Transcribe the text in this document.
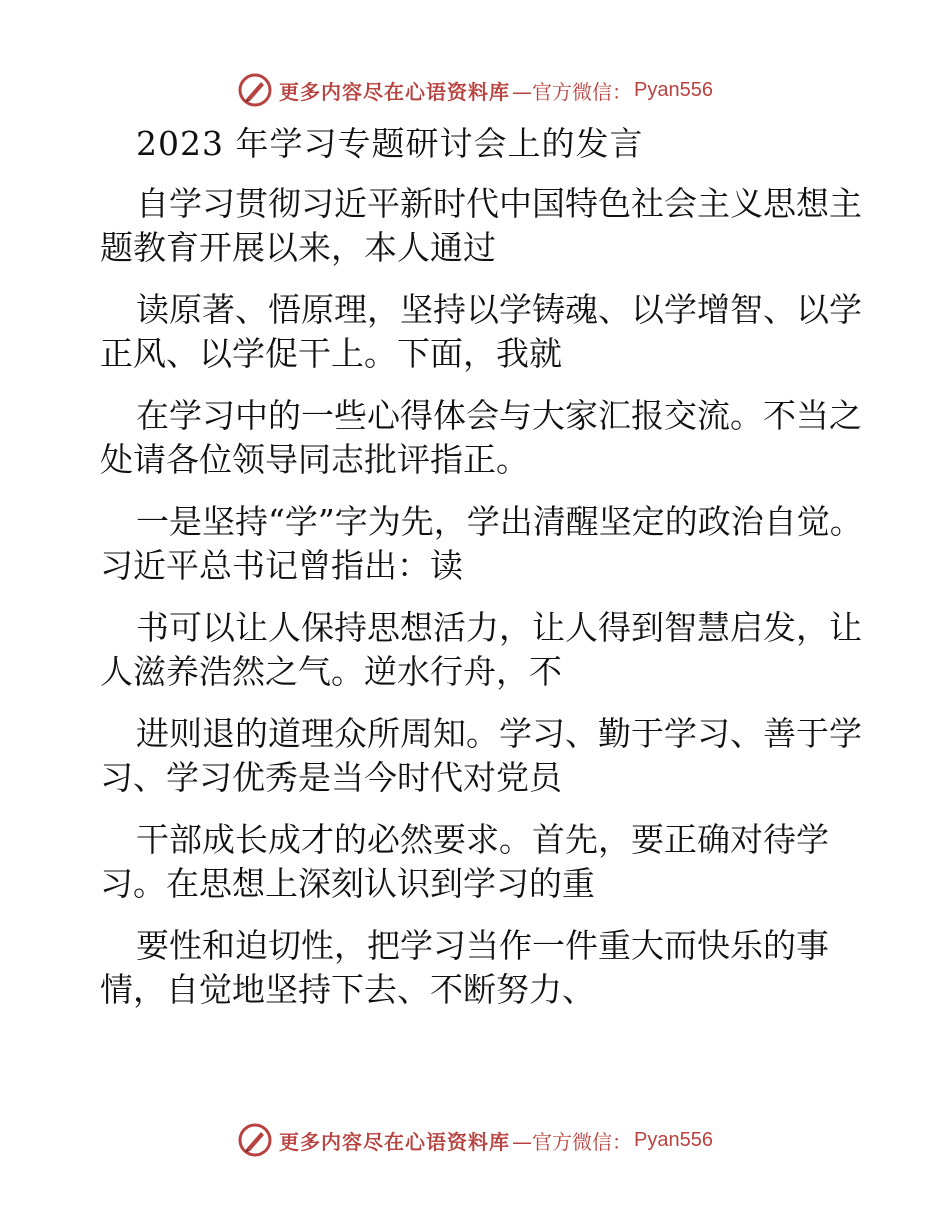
更多内容尽在心语资料库 —官方微信： Pyan556

2023 年学习专题研讨会上的发言

自学习贯彻习近平新时代中国特色社会主义思想主题教育开展以来，本人通过

读原著、悟原理，坚持以学铸魂、以学增智、以学正风、以学促干上。下面，我就

在学习中的一些心得体会与大家汇报交流。不当之处请各位领导同志批评指正。

一是坚持“学”字为先，学出清醒坚定的政治自觉。 习近平总书记曾指出：读

书可以让人保持思想活力，让人得到智慧启发，让人滋养浩然之气。逆水行舟，不

进则退的道理众所周知。学习、勤于学习、善于学习、学习优秀是当今时代对党员

干部成长成才的必然要求。首先，要正确对待学习。在思想上深刻认识到学习的重

要性和迫切性，把学习当作一件重大而快乐的事情，自觉地坚持下去、不断努力、

更多内容尽在心语资料库 —官方微信： Pyan556
